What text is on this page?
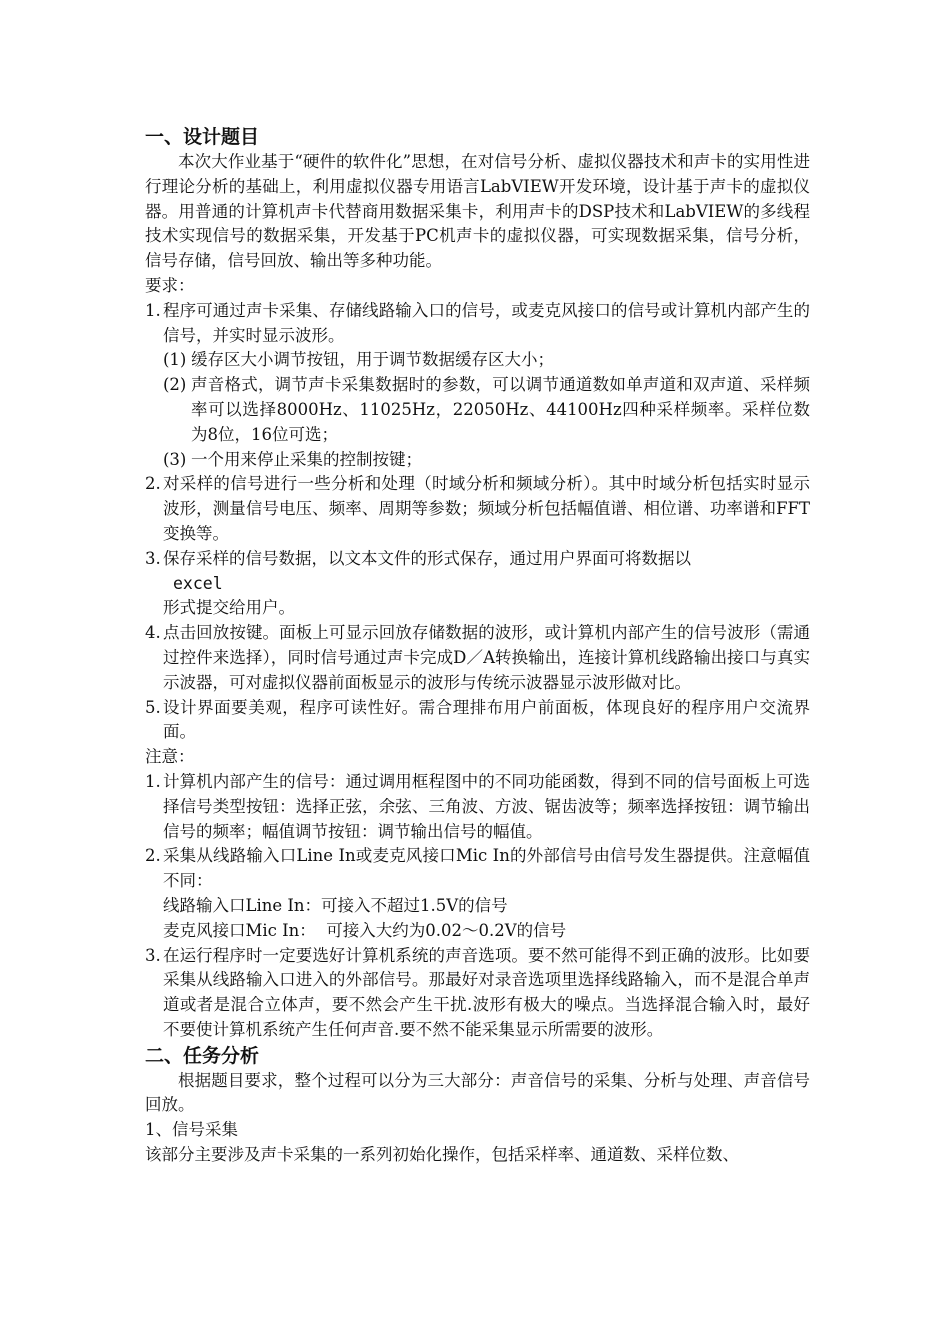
一、设计题目

本次大作业基于“硬件的软件化”思想，在对信号分析、虚拟仪器技术和声卡的实用性进行理论分析的基础上，利用虚拟仪器专用语言LabVIEW开发环境，设计基于声卡的虚拟仪器。用普通的计算机声卡代替商用数据采集卡，利用声卡的DSP技术和LabVIEW的多线程技术实现信号的数据采集，开发基于PC机声卡的虚拟仪器，可实现数据采集，信号分析，信号存储，信号回放、输出等多种功能。

要求：

1. 程序可通过声卡采集、存储线路输入口的信号，或麦克风接口的信号或计算机内部产生的信号，并实时显示波形。
(1) 缓存区大小调节按钮，用于调节数据缓存区大小；
(2) 声音格式，调节声卡采集数据时的参数，可以调节通道数如单声道和双声道、采样频率可以选择8000Hz、11025Hz，22050Hz、44100Hz四种采样频率。采样位数为8位，16位可选；
(3) 一个用来停止采集的控制按键；
2. 对采样的信号进行一些分析和处理（时域分析和频域分析）。其中时域分析包括实时显示波形，测量信号电压、频率、周期等参数；频域分析包括幅值谱、相位谱、功率谱和FFT变换等。
3. 保存采样的信号数据，以文本文件的形式保存，通过用户界面可将数据以
excel
形式提交给用户。
4. 点击回放按键。面板上可显示回放存储数据的波形，或计算机内部产生的信号波形（需通过控件来选择），同时信号通过声卡完成D／A转换输出，连接计算机线路输出接口与真实示波器，可对虚拟仪器前面板显示的波形与传统示波器显示波形做对比。
5. 设计界面要美观，程序可读性好。需合理排布用户前面板，体现良好的程序用户交流界面。

注意：

1. 计算机内部产生的信号：通过调用框程图中的不同功能函数，得到不同的信号面板上可选择信号类型按钮：选择正弦，余弦、三角波、方波、锯齿波等；频率选择按钮：调节输出信号的频率；幅值调节按钮：调节输出信号的幅值。
2. 采集从线路输入口Line In或麦克风接口Mic In的外部信号由信号发生器提供。注意幅值不同：
线路输入口Line In：可接入不超过1.5V的信号
麦克风接口Mic In：  可接入大约为0.02～0.2V的信号
3. 在运行程序时一定要选好计算机系统的声音选项。要不然可能得不到正确的波形。比如要采集从线路输入口进入的外部信号。那最好对录音选项里选择线路输入，而不是混合单声道或者是混合立体声，要不然会产生干扰.波形有极大的噪点。当选择混合输入时，最好不要使计算机系统产生任何声音.要不然不能采集显示所需要的波形。
二、任务分析

根据题目要求，整个过程可以分为三大部分：声音信号的采集、分析与处理、声音信号回放。

1、信号采集

该部分主要涉及声卡采集的一系列初始化操作，包括采样率、通道数、采样位数、
